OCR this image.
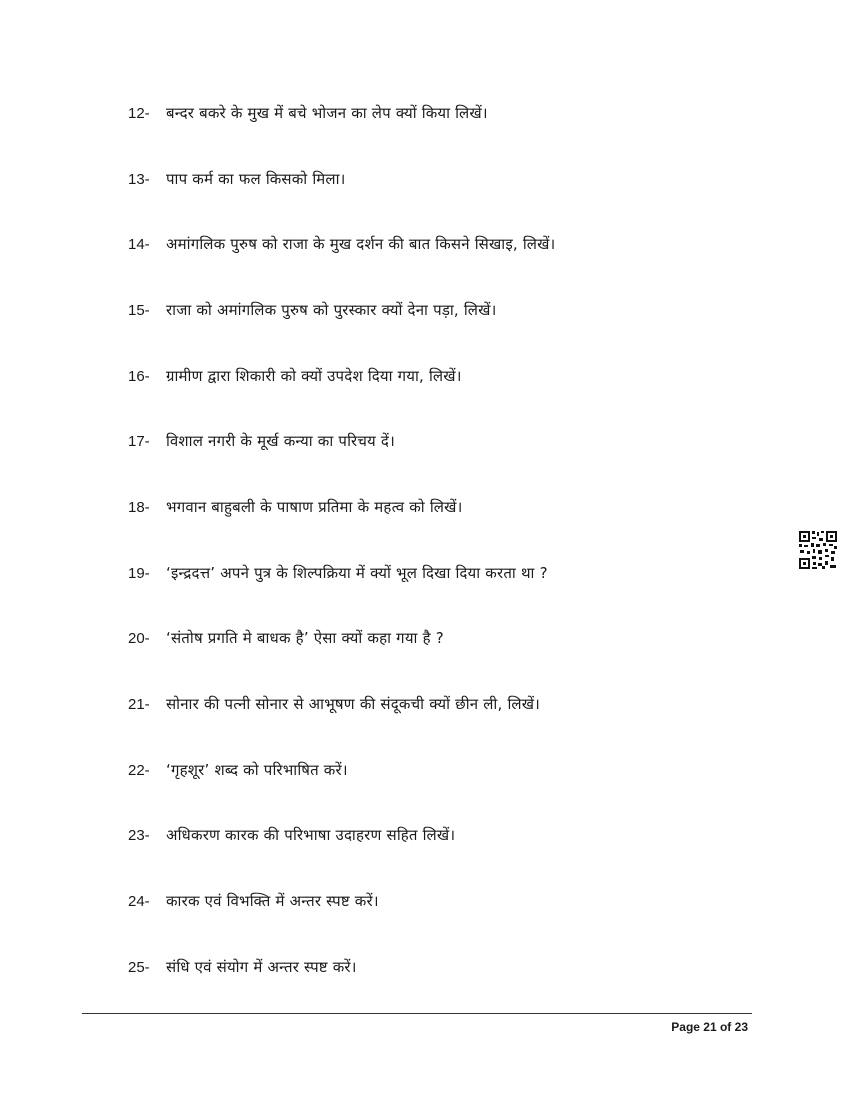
12-	बन्दर बकरे के मुख में बचे भोजन का लेप क्यों किया लिखें।
13-	पाप कर्म का फल किसको मिला।
14-	अमांगलिक पुरुष को राजा के मुख दर्शन की बात किसने सिखाइ, लिखें।
15-	राजा को अमांगलिक पुरुष को पुरस्कार क्यों देना पड़ा, लिखें।
16-	ग्रामीण द्वारा शिकारी को क्यों उपदेश दिया गया, लिखें।
17-	विशाल नगरी के मूर्ख कन्या का परिचय दें।
18-	भगवान बाहुबली के पाषाण प्रतिमा के महत्व को लिखें।
19-	‘इन्द्रदत्त’ अपने पुत्र के शिल्पक्रिया में क्यों भूल दिखा दिया करता था ?
20-	‘संतोष प्रगति मे बाधक है’ ऐसा क्यों कहा गया है ?
21-	सोनार की पत्नी सोनार से आभूषण की संदूकची क्यों छीन ली, लिखें।
22-	‘गृहशूर’ शब्द को परिभाषित करें।
23-	अधिकरण कारक की परिभाषा उदाहरण सहित लिखें।
24-	कारक एवं विभक्ति में अन्तर स्पष्ट करें।
25-	संधि एवं संयोग में अन्तर स्पष्ट करें।
Page 21 of 23
